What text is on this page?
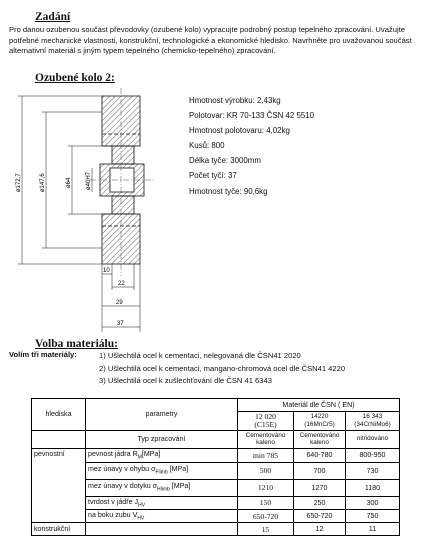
Zadání
Pro danou ozubenou součást převodovky (ozubené kolo) vypracujte podrobný postup tepelného zpracování. Uvažujte potřebné mechanické vlastnosti, konstrukční, technologické a ekonomické hledisko. Navrhněte pro uvažovanou součást alternativní materiál s jiným typem tepelného (chemicko-tepelného) zpracování.
Ozubené kolo 2:
ø172,7	ø147,6	ø64 ø40H7
10
22
29
37
Hmotnost výrobku: 2,43kg
Polotovar: KR 70-133 ČSN 42 5510
Hmotnost polotovaru: 4,02kg
Kusů: 800
Délka tyče: 3000mm
Počet tyčí: 37
Hmotnost tyče: 90,6kg
Volba materiálu:
Volím tři materiály:	1) Ušlechtilá ocel k cementaci, nelegovaná dle ČSN41 2020
2) Ušlechtilá ocel k cementaci, mangano-chromová ocel dle ČSN41 4220
3) Ušlechtilá ocel k zušlechťování dle ČSN 41 6343
hlediska	parametry	Materiál dle ČSN ( EN)		
		12 020
(C15E)	14220
(16MnCr5)	16 343
(34CrNiMo6)
	Typ zpracování	Cementováno
kaleno	Cementováno
kaleno	nitridováno

pevnostní	pevnost jádra $R_M[MPa]$	min 785	640-780	800-950
	mez únavy v ohybu $\sigma_{Flimb}$ [MPa]	500	700	730
	mez únavy v dotyku $\sigma_{Hlimb}$ [MPa]	1210	1270	1180
	tvrdost v jádře $J_{HV}$	150	250	300
	na boku zubu $V_{HV}$	650-720	650-720	750
konstrukční		15	12	11
